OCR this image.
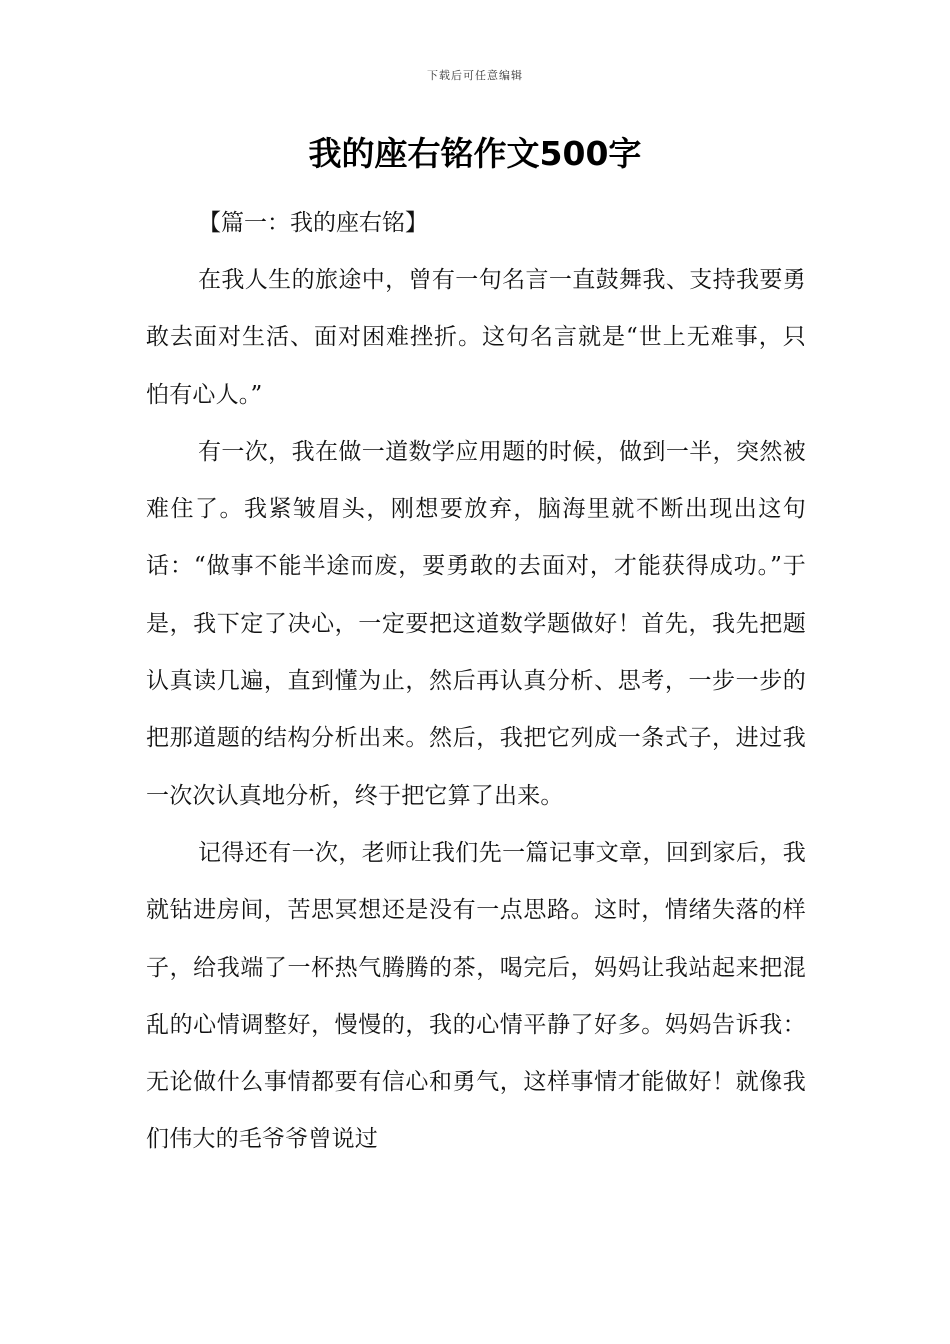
下载后可任意编辑
我的座右铭作文500字

【篇一：我的座右铭】

在我人生的旅途中，曾有一句名言一直鼓舞我、支持我要勇敢去面对生活、面对困难挫折。这句名言就是“世上无难事，只怕有心人。”

有一次，我在做一道数学应用题的时候，做到一半，突然被难住了。我紧皱眉头，刚想要放弃，脑海里就不断出现出这句话：“做事不能半途而废，要勇敢的去面对，才能获得成功。”于是，我下定了决心，一定要把这道数学题做好！首先，我先把题认真读几遍，直到懂为止，然后再认真分析、思考，一步一步的把那道题的结构分析出来。然后，我把它列成一条式子，进过我一次次认真地分析，终于把它算了出来。

记得还有一次，老师让我们先一篇记事文章，回到家后，我就钻进房间，苦思冥想还是没有一点思路。这时，情绪失落的样子，给我端了一杯热气腾腾的茶，喝完后，妈妈让我站起来把混乱的心情调整好，慢慢的，我的心情平静了好多。妈妈告诉我：无论做什么事情都要有信心和勇气，这样事情才能做好！就像我们伟大的毛爷爷曾说过
